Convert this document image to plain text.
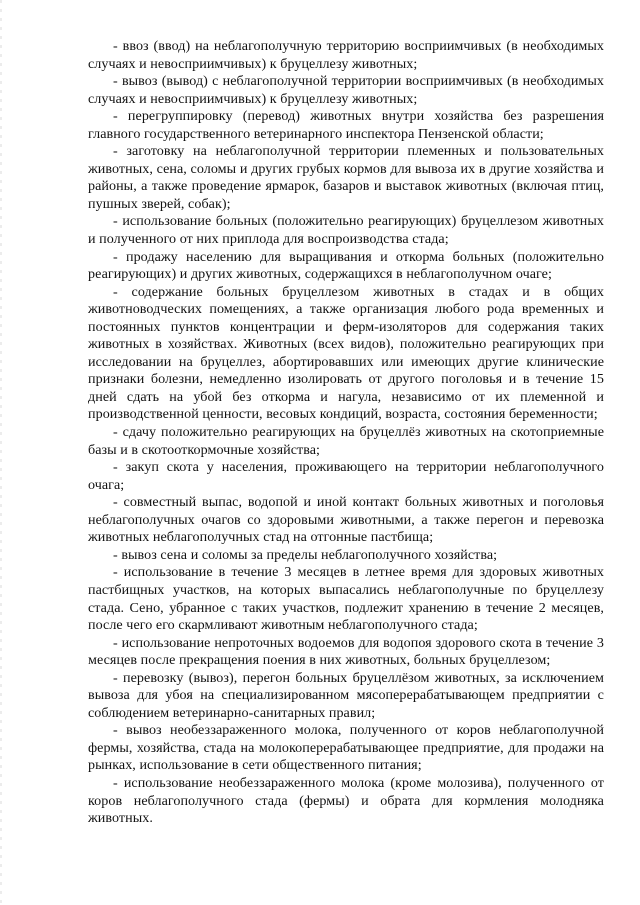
- ввоз (ввод) на неблагополучную территорию восприимчивых (в необходимых случаях и невосприимчивых) к бруцеллезу животных;

- вывоз (вывод) с неблагополучной территории восприимчивых (в необходимых случаях и невосприимчивых) к бруцеллезу животных;

- перегруппировку (перевод) животных внутри хозяйства без разрешения главного государственного ветеринарного инспектора Пензенской области;

- заготовку на неблагополучной территории племенных и пользовательных животных, сена, соломы и других грубых кормов для вывоза их в другие хозяйства и районы, а также проведение ярмарок, базаров и выставок животных (включая птиц, пушных зверей, собак);

- использование больных (положительно реагирующих) бруцеллезом животных и полученного от них приплода для воспроизводства стада;

- продажу населению для выращивания и откорма больных (положительно реагирующих) и других животных, содержащихся в неблагополучном очаге;

- содержание больных бруцеллезом животных в стадах и в общих животноводческих помещениях, а также организация любого рода временных и постоянных пунктов концентрации и ферм-изоляторов для содержания таких животных в хозяйствах. Животных (всех видов), положительно реагирующих при исследовании на бруцеллез, абортировавших или имеющих другие клинические признаки болезни, немедленно изолировать от другого поголовья и в течение 15 дней сдать на убой без откорма и нагула, независимо от их племенной и производственной ценности, весовых кондиций, возраста, состояния беременности;

- сдачу положительно реагирующих на бруцеллёз животных на скотоприемные базы и в скотооткормочные хозяйства;

- закуп скота у населения, проживающего на территории неблагополучного очага;

- совместный выпас, водопой и иной контакт больных животных и поголовья неблагополучных очагов со здоровыми животными, а также перегон и перевозка животных неблагополучных стад на отгонные пастбища;

- вывоз сена и соломы за пределы неблагополучного хозяйства;

- использование в течение 3 месяцев в летнее время для здоровых животных пастбищных участков, на которых выпасались неблагополучные по бруцеллезу стада. Сено, убранное с таких участков, подлежит хранению в течение 2 месяцев, после чего его скармливают животным неблагополучного стада;

- использование непроточных водоемов для водопоя здорового скота в течение 3 месяцев после прекращения поения в них животных, больных бруцеллезом;

- перевозку (вывоз), перегон больных бруцеллёзом животных, за исключением вывоза для убоя на специализированном мясоперерабатывающем предприятии с соблюдением ветеринарно-санитарных правил;

- вывоз необеззараженного молока, полученного от коров неблагополучной фермы, хозяйства, стада на молокоперерабатывающее предприятие, для продажи на рынках, использование в сети общественного питания;

- использование необеззараженного молока (кроме молозива), полученного от коров неблагополучного стада (фермы) и обрата для кормления молодняка животных.
